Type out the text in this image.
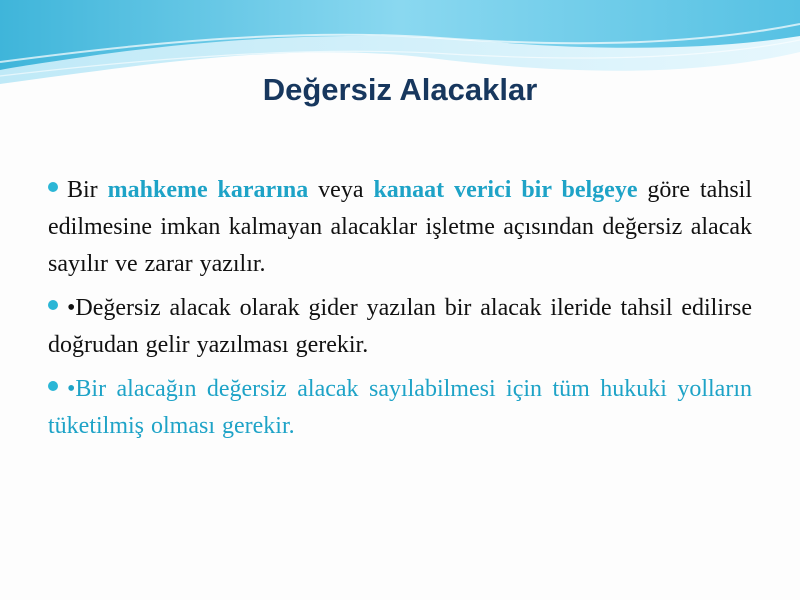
Değersiz Alacaklar

Bir mahkeme kararına veya kanaat verici bir belgeye göre tahsil edilmesine imkan kalmayan alacaklar işletme açısından değersiz alacak sayılır ve zarar yazılır.

•Değersiz alacak olarak gider yazılan bir alacak ileride tahsil edilirse doğrudan gelir yazılması gerekir.

•Bir alacağın değersiz alacak sayılabilmesi için tüm hukuki yolların tüketilmiş olması gerekir.
